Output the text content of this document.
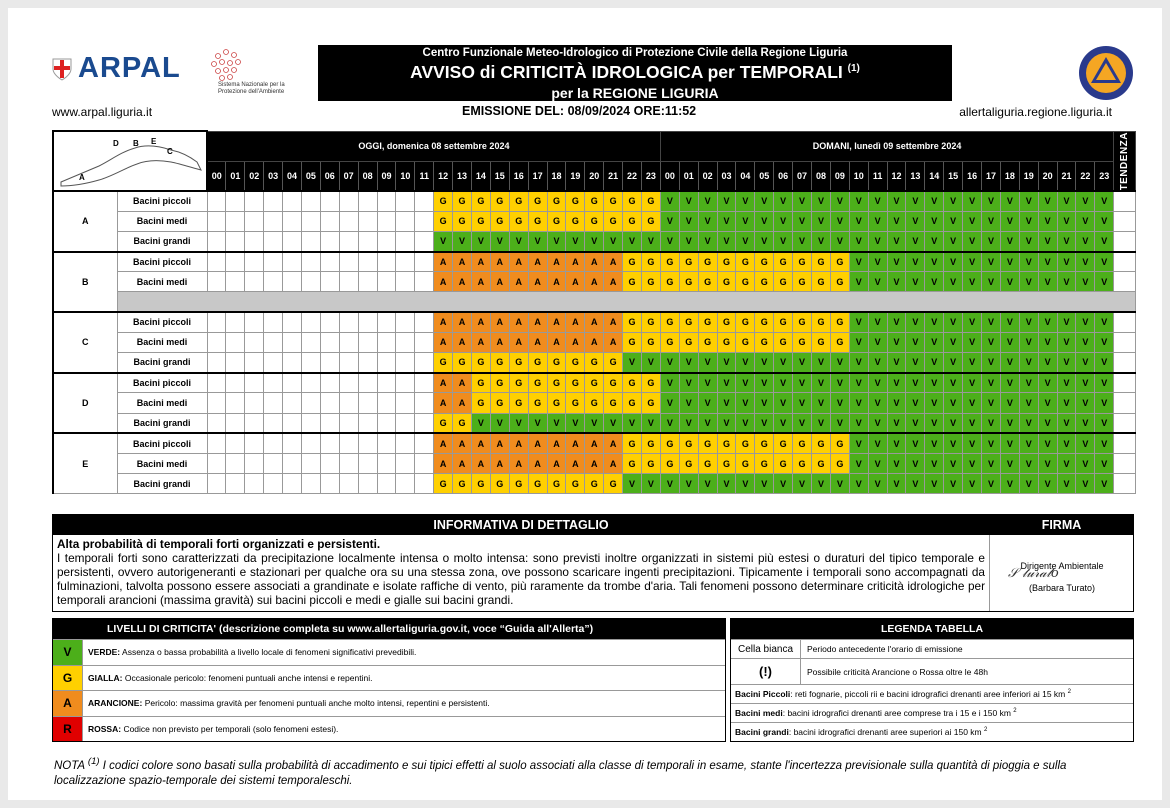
ARPAL
Sistema Nazionale per la Protezione dell'Ambiente
www.arpal.liguria.it	allertaliguria.regione.liguria.it
Centro Funzionale Meteo-Idrologico di Protezione Civile della Regione Liguria
AVVISO di CRITICITÀ IDROLOGICA per TEMPORALI $^{(1)}$
per la REGIONE LIGURIA
EMISSIONE DEL: 08/09/2024 ORE:11:52
A
D B E
C		OGGI, domenica 08 settembre 2024																								DOMANI, lunedì 09 settembre 2024																								TENDENZA

		00	01	02	03	04	05	06	07	08	09	10	11	12	13	14	15	16	17	18	19	20	21	22	23	00	01	02	03	04	05	06	07	08	09	10	11	12	13	14	15	16	17	18	19	20	21	22	23	
A	Bacini piccoli													G	G	G	G	G	G	G	G	G	G	G	G	V	V	V	V	V	V	V	V	V	V	V	V	V	V	V	V	V	V	V	V	V	V	V	V	
	Bacini medi													G	G	G	G	G	G	G	G	G	G	G	G	V	V	V	V	V	V	V	V	V	V	V	V	V	V	V	V	V	V	V	V	V	V	V	V	
	Bacini grandi													V	V	V	V	V	V	V	V	V	V	V	V	V	V	V	V	V	V	V	V	V	V	V	V	V	V	V	V	V	V	V	V	V	V	V	V	
B	Bacini piccoli													A	A	A	A	A	A	A	A	A	A	G	G	G	G	G	G	G	G	G	G	G	G	V	V	V	V	V	V	V	V	V	V	V	V	V	V	
	Bacini medi													A	A	A	A	A	A	A	A	A	A	G	G	G	G	G	G	G	G	G	G	G	G	V	V	V	V	V	V	V	V	V	V	V	V	V	V	

C	Bacini piccoli													A	A	A	A	A	A	A	A	A	A	G	G	G	G	G	G	G	G	G	G	G	G	V	V	V	V	V	V	V	V	V	V	V	V	V	V	
	Bacini medi													A	A	A	A	A	A	A	A	A	A	G	G	G	G	G	G	G	G	G	G	G	G	V	V	V	V	V	V	V	V	V	V	V	V	V	V	
	Bacini grandi													G	G	G	G	G	G	G	G	G	G	V	V	V	V	V	V	V	V	V	V	V	V	V	V	V	V	V	V	V	V	V	V	V	V	V	V	
D	Bacini piccoli													A	A	G	G	G	G	G	G	G	G	G	G	V	V	V	V	V	V	V	V	V	V	V	V	V	V	V	V	V	V	V	V	V	V	V	V	
	Bacini medi													A	A	G	G	G	G	G	G	G	G	G	G	V	V	V	V	V	V	V	V	V	V	V	V	V	V	V	V	V	V	V	V	V	V	V	V	
	Bacini grandi													G	G	V	V	V	V	V	V	V	V	V	V	V	V	V	V	V	V	V	V	V	V	V	V	V	V	V	V	V	V	V	V	V	V	V	V	
E	Bacini piccoli													A	A	A	A	A	A	A	A	A	A	G	G	G	G	G	G	G	G	G	G	G	G	V	V	V	V	V	V	V	V	V	V	V	V	V	V	
	Bacini medi													A	A	A	A	A	A	A	A	A	A	G	G	G	G	G	G	G	G	G	G	G	G	V	V	V	V	V	V	V	V	V	V	V	V	V	V	
	Bacini grandi													G	G	G	G	G	G	G	G	G	G	V	V	V	V	V	V	V	V	V	V	V	V	V	V	V	V	V	V	V	V	V	V	V	V	V	V	
INFORMATIVA DI DETTAGLIO	FIRMA
Alta probabilità di temporali forti organizzati e persistenti.
I temporali forti sono caratterizzati da precipitazione localmente intensa o molto intensa: sono previsti inoltre organizzati in sistemi più estesi o duraturi del tipico temporale e persistenti, ovvero autorigeneranti e stazionari per qualche ora su una stessa zona, ove possono scaricare ingenti precipitazioni. Tipicamente i temporali sono accompagnati da fulminazioni, talvolta possono essere associati a grandinate e isolate raffiche di vento, più raramente da trombe d'aria. Tali fenomeni possono determinare criticità idrologiche per temporali arancioni (massima gravità) sui bacini piccoli e medi e gialle sui bacini grandi.
Dirigente Ambientale
𝒮 𝓉𝓊𝓇𝒶𝓉𝑜
(Barbara Turato)
LIVELLI DI CRITICITA' (descrizione completa su www.allertaliguria.gov.it, voce “Guida all'Allerta”)
V	VERDE: Assenza o bassa probabilità a livello locale di fenomeni significativi prevedibili.
G	GIALLA: Occasionale pericolo: fenomeni puntuali anche intensi e repentini.
A	ARANCIONE: Pericolo: massima gravità per fenomeni puntuali anche molto intensi, repentini e persistenti.
R	ROSSA: Codice non previsto per temporali (solo fenomeni estesi).
LEGENDA TABELLA
Cella bianca	Periodo antecedente l'orario di emissione
(!)	Possibile criticità Arancione o Rossa oltre le 48h
Bacini Piccoli: reti fognarie, piccoli rii e bacini idrografici drenanti aree inferiori ai 15 km $^2$
Bacini medi: bacini idrografici drenanti aree comprese tra i 15 e i 150 km $^2$
Bacini grandi: bacini idrografici drenanti aree superiori ai 150 km $^2$
NOTA $^{(1)}$ I codici colore sono basati sulla probabilità di accadimento e sui tipici effetti al suolo associati alla classe di temporali in esame, stante l'incertezza previsionale sulla quantità di pioggia e sulla localizzazione spazio-temporale dei sistemi temporaleschi.
